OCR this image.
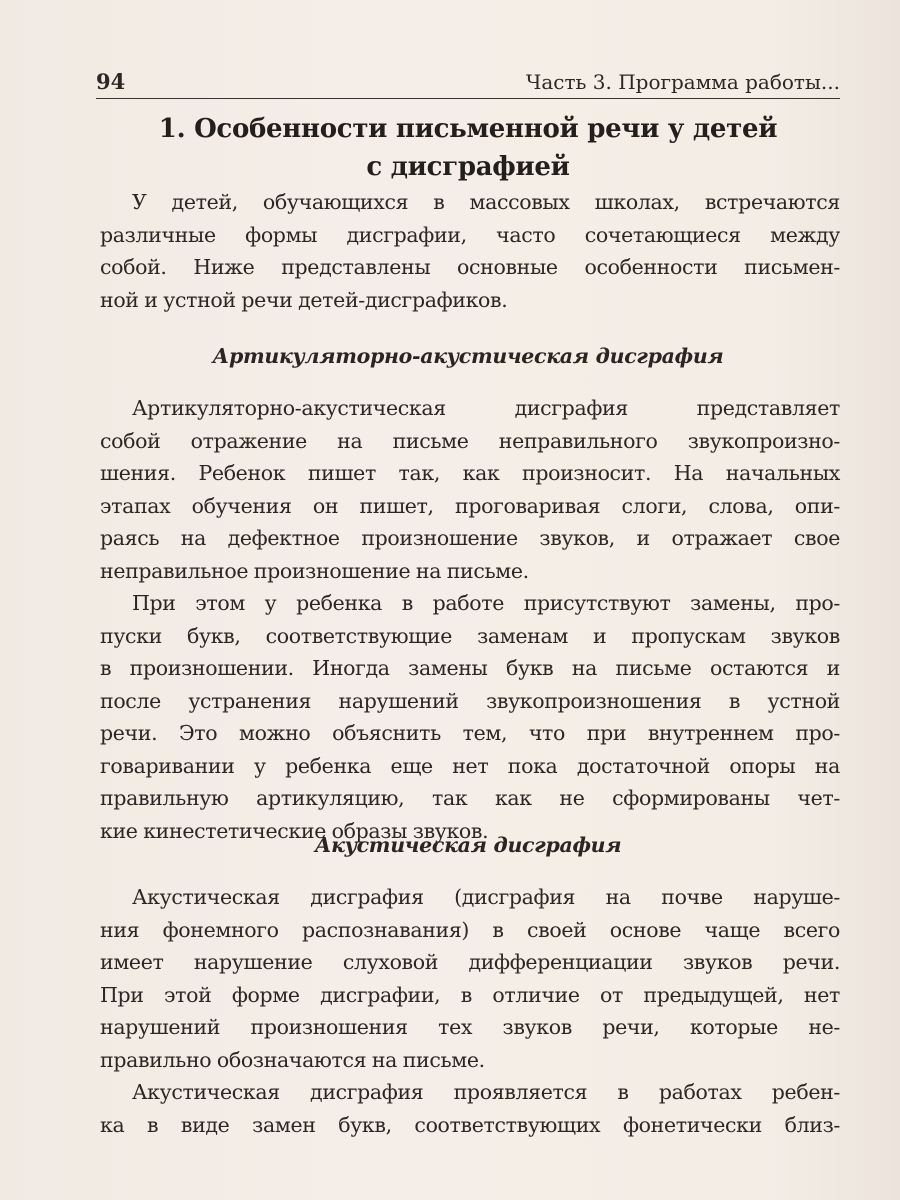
94	Часть 3. Программа работы...
1. Особенности письменной речи у детей
с дисграфией
У детей, обучающихся в массовых школах, встречаются
различные формы дисграфии, часто сочетающиеся между
собой. Ниже представлены основные особенности письмен-
ной и устной речи детей-дисграфиков.
Артикуляторно-акустическая дисграфия
Артикуляторно-акустическая дисграфия представляет
собой отражение на письме неправильного звукопроизно-
шения. Ребенок пишет так, как произносит. На начальных
этапах обучения он пишет, проговаривая слоги, слова, опи-
раясь на дефектное произношение звуков, и отражает свое
неправильное произношение на письме.
При этом у ребенка в работе присутствуют замены, про-
пуски букв, соответствующие заменам и пропускам звуков
в произношении. Иногда замены букв на письме остаются и
после устранения нарушений звукопроизношения в устной
речи. Это можно объяснить тем, что при внутреннем про-
говаривании у ребенка еще нет пока достаточной опоры на
правильную артикуляцию, так как не сформированы чет-
кие кинестетические образы звуков.
Акустическая дисграфия
Акустическая дисграфия (дисграфия на почве наруше-
ния фонемного распознавания) в своей основе чаще всего
имеет нарушение слуховой дифференциации звуков речи.
При этой форме дисграфии, в отличие от предыдущей, нет
нарушений произношения тех звуков речи, которые не-
правильно обозначаются на письме.
Акустическая дисграфия проявляется в работах ребен-
ка в виде замен букв, соответствующих фонетически близ-
